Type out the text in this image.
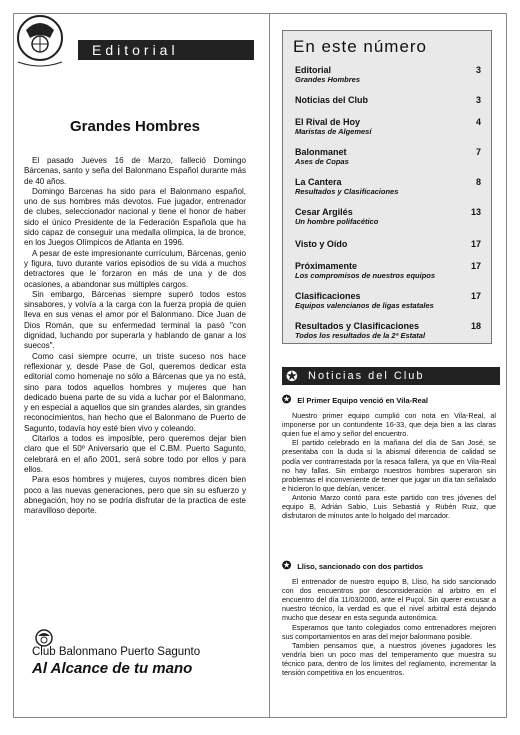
Editorial
Grandes Hombres

El pasado Jueves 16 de Marzo, falleció Domingo Bárcenas, santo y seña del Balonmano Español durante más de 40 años.

Domingo Barcenas ha sido para el Balonmano español, uno de sus hombres más devotos. Fue jugador, entrenador de clubes, seleccionador nacional y tiene el honor de haber sido el único Presidente de la Federación Española que ha sido capaz de conseguir una medalla olímpica, la de bronce, en los Juegos Olímpicos de Atlanta en 1996.

A pesar de este impresionante currículum, Bárcenas, genio y figura, tuvo durante varios episodios de su vida a muchos detractores que le forzaron en más de una y de dos ocasiones, a abandonar sus múltiples cargos.

Sin embargo, Bárcenas siempre superó todos estos sinsabores, y volvía a la carga con la fuerza propia de quien lleva en sus venas el amor por el Balonmano. Dice Juan de Dios Román, que su enfermedad terminal la pasó "con dignidad, luchando por superarla y hablando de ganar a los suecos".

Como casi siempre ocurre, un triste suceso nos hace reflexionar y, desde Pase de Gol, queremos dedicar esta editorial como homenaje no sólo a Bárcenas que ya no está, sino para todos aquellos hombres y mujeres que han dedicado buena parte de su vida a luchar por el Balonmano, y en especial a aquellos que sin grandes alardes, sin grandes reconocimientos, han hecho que el Balonmano de Puerto de Sagunto, todavía hoy esté bien vivo y coleando.

Citarlos a todos es imposible, pero queremos dejar bien claro que el 50º Aniversario que el C.BM. Puerto Sagunto, celebrará en el año 2001, será sobre todo por ellos y para ellos.

Para esos hombres y mujeres, cuyos nombres dicen bien poco a las nuevas generaciones, pero que sin su esfuerzo y abnegación, hoy no se podría disfrutar de la practica de este maravilloso deporte.

Club Balonmano Puerto Sagunto
Al Alcance de tu mano
En este número
Editorial
Grandes Hombres
3
Noticias del Club	3
El Rival de Hoy
Maristas de Algemesí
4
Balonmanet
Ases de Copas
7
La Cantera
Resultados y Clasificaciones
8
Cesar Argilés
Un hombre polifacético
13
Visto y Oído	17
Próximamente
Los compromisos de nuestros equipos
17
Clasificaciones
Equipos valencianos de ligas estatales
17
Resultados y Clasificaciones
Todos los resultados de la 2ª Estatal
18
Noticias del Club
✪
✪ El Primer Equipo venció en Vila-Real

Nuestro primer equipo cumplió con nota en Vila-Real, al imponerse por un contundente 16-33, que deja bien a las claras quien fue el amo y señor del encuentro.

El partido celebrado en la mañana del día de San José, se presentaba con la duda si la abismal diferencia de calidad se podía ver contrarrestada por la resaca fallera, ya que en Vila-Real no hay fallas. Sin embargo nuestros hombres superaron sin problemas el inconveniente de tener que jugar un día tan señalado e hicieron lo que debían, vencer.

Antonio Marzo contó para este partido con tres jóvenes del equipo B, Adrián Sabio, Luis Sebastiá y Rubén Ruiz, que disfrutaron de minutos ante lo holgado del marcador.

✪ Lliso, sancionado con dos partidos

El entrenador de nuestro equipo B, Lliso, ha sido sancionado con dos encuentros por desconsideración al arbitro en el encuentro del día 11/03/2000, ante el Puçol. Sin querer excusar a nuestro técnico, la verdad es que el nivel arbitral está dejando mucho que desear en esta segunda autonómica.

Esperamos que tanto colegiados como entrenadores mejoren sus comportamientos en aras del mejor balonmano posible.

Tambien pensamos que, a nuestros jóvenes jugadores les vendría bien un poco mas del temperamento que muestra su técnico para, dentro de los limites del reglamento, incrementar la tensión competitiva en los encuentros.
